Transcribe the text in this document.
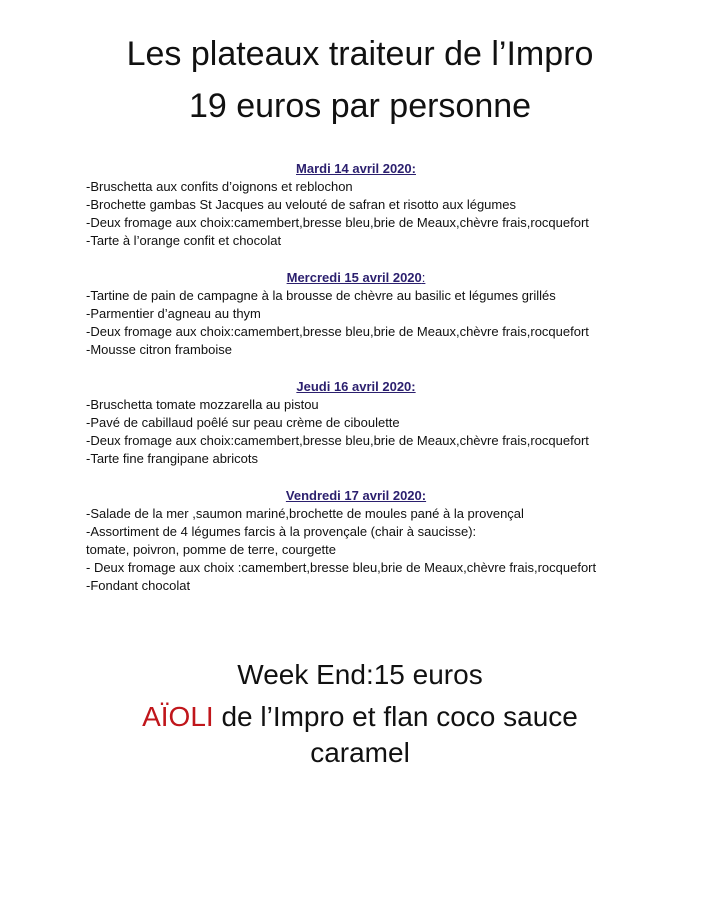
Les plateaux traiteur de l’Impro
19 euros par personne
Mardi 14 avril 2020:
-Bruschetta aux confits d’oignons et reblochon
-Brochette gambas St Jacques au velouté de safran et risotto aux légumes
-Deux fromage aux choix:camembert,bresse bleu,brie de Meaux,chèvre frais,rocquefort
-Tarte à l’orange confit et chocolat
Mercredi 15 avril 2020:
-Tartine de pain de campagne à la brousse de chèvre au basilic et légumes grillés
-Parmentier d’agneau au thym
-Deux fromage aux choix:camembert,bresse bleu,brie de Meaux,chèvre frais,rocquefort
-Mousse citron framboise
Jeudi 16 avril 2020:
-Bruschetta tomate mozzarella au pistou
-Pavé de cabillaud poêlé sur peau crème de ciboulette
-Deux fromage aux choix:camembert,bresse bleu,brie de Meaux,chèvre frais,rocquefort
-Tarte fine frangipane abricots
Vendredi 17 avril 2020:
-Salade de la mer ,saumon mariné,brochette de moules pané à la provençal
-Assortiment de 4 légumes farcis à la provençale (chair à saucisse):
tomate, poivron, pomme de terre, courgette
- Deux fromage aux choix :camembert,bresse bleu,brie de Meaux,chèvre frais,rocquefort
-Fondant chocolat
Week End:15 euros
AÏOLI de l’Impro et flan coco sauce
caramel
